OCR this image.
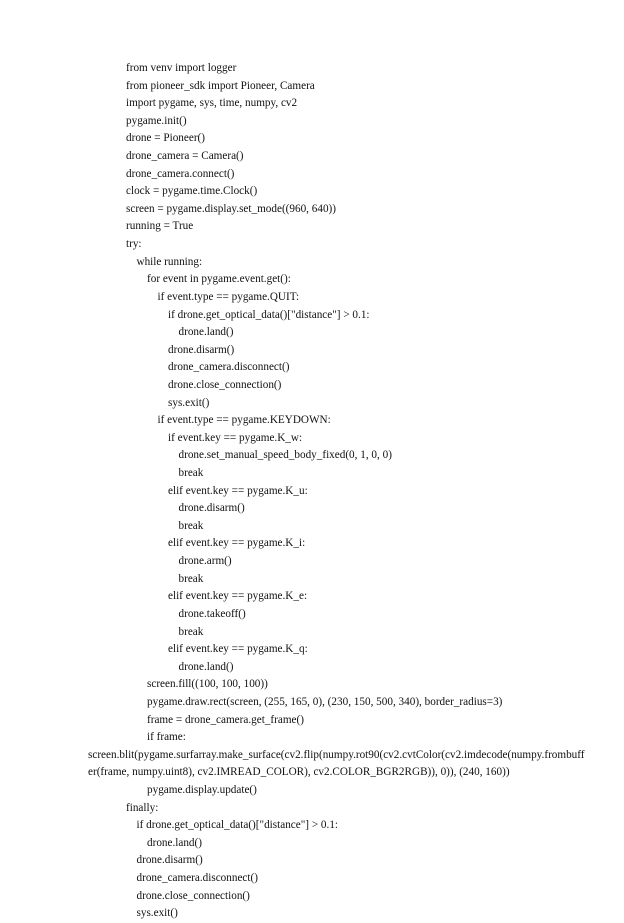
from venv import logger
from pioneer_sdk import Pioneer, Camera
import pygame, sys, time, numpy, cv2
pygame.init()
drone = Pioneer()
drone_camera = Camera()
drone_camera.connect()
clock = pygame.time.Clock()
screen = pygame.display.set_mode((960, 640))
running = True
try:
while running:
for event in pygame.event.get():
if event.type == pygame.QUIT:
if drone.get_optical_data()["distance"] > 0.1:
drone.land()
drone.disarm()
drone_camera.disconnect()
drone.close_connection()
sys.exit()
if event.type == pygame.KEYDOWN:
if event.key == pygame.K_w:
drone.set_manual_speed_body_fixed(0, 1, 0, 0)
break
elif event.key == pygame.K_u:
drone.disarm()
break
elif event.key == pygame.K_i:
drone.arm()
break
elif event.key == pygame.K_e:
drone.takeoff()
break
elif event.key == pygame.K_q:
drone.land()
screen.fill((100, 100, 100))
pygame.draw.rect(screen, (255, 165, 0), (230, 150, 500, 340), border_radius=3)
frame = drone_camera.get_frame()
if frame:
screen.blit(pygame.surfarray.make_surface(cv2.flip(numpy.rot90(cv2.cvtColor(cv2.imdecode(numpy.frombuffer(frame, numpy.uint8), cv2.IMREAD_COLOR), cv2.COLOR_BGR2RGB)), 0)), (240, 160))
pygame.display.update()
finally:
if drone.get_optical_data()["distance"] > 0.1:
drone.land()
drone.disarm()
drone_camera.disconnect()
drone.close_connection()
sys.exit()
